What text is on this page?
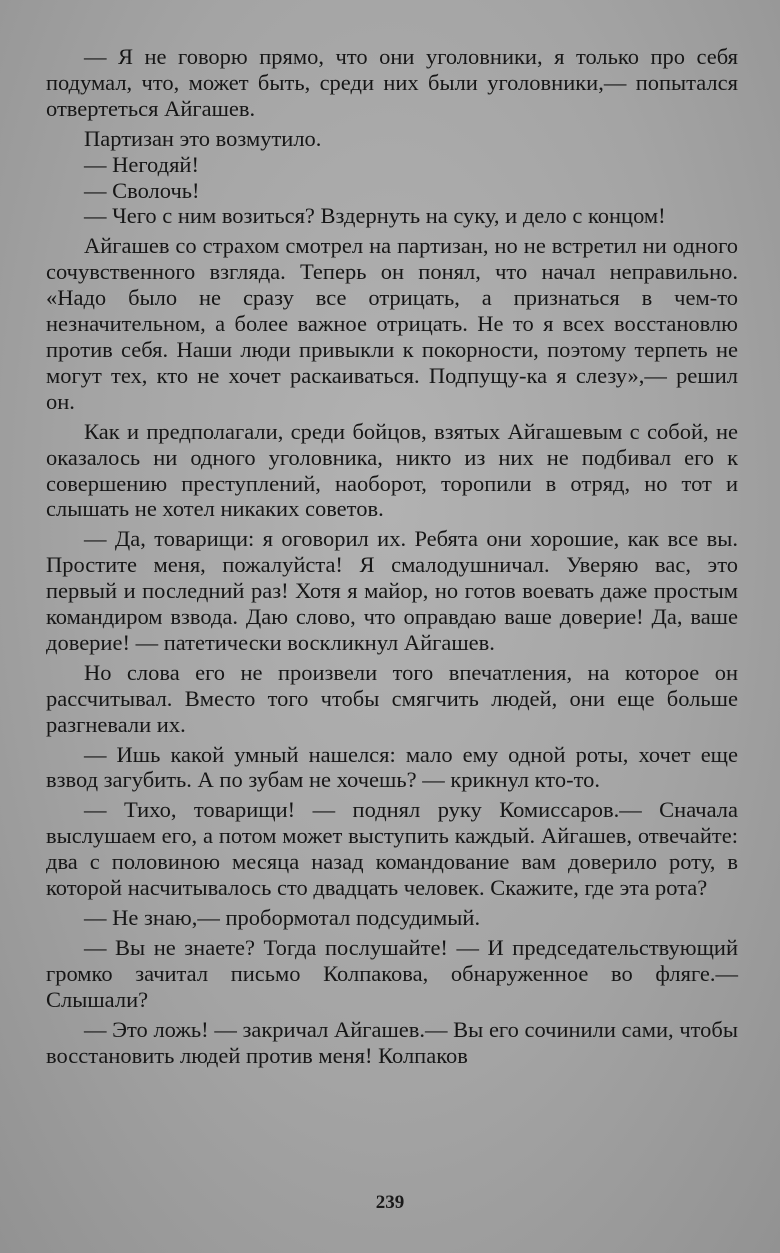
— Я не говорю прямо, что они уголовники, я только про себя подумал, что, может быть, среди них были уголовники,— попытался отвертеться Айгашев.

Партизан это возмутило.

— Негодяй!

— Сволочь!

— Чего с ним возиться? Вздернуть на суку, и дело с концом!

Айгашев со страхом смотрел на партизан, но не встретил ни одного сочувственного взгляда. Теперь он понял, что начал неправильно. «Надо было не сразу все отрицать, а признаться в чем-то незначительном, а более важное отрицать. Не то я всех восстановлю против себя. Наши люди привыкли к покорности, поэтому терпеть не могут тех, кто не хочет раскаиваться. Подпущу-ка я слезу»,— решил он.

Как и предполагали, среди бойцов, взятых Айгашевым с собой, не оказалось ни одного уголовника, никто из них не подбивал его к совершению преступлений, наоборот, торопили в отряд, но тот и слышать не хотел никаких советов.

— Да, товарищи: я оговорил их. Ребята они хорошие, как все вы. Простите меня, пожалуйста! Я смалодушничал. Уверяю вас, это первый и последний раз! Хотя я майор, но готов воевать даже простым командиром взвода. Даю слово, что оправдаю ваше доверие! Да, ваше доверие! — патетически воскликнул Айгашев.

Но слова его не произвели того впечатления, на которое он рассчитывал. Вместо того чтобы смягчить людей, они еще больше разгневали их.

— Ишь какой умный нашелся: мало ему одной роты, хочет еще взвод загубить. А по зубам не хочешь? — крикнул кто-то.

— Тихо, товарищи! — поднял руку Комиссаров.— Сначала выслушаем его, а потом может выступить каждый. Айгашев, отвечайте: два с половиною месяца назад командование вам доверило роту, в которой насчитывалось сто двадцать человек. Скажите, где эта рота?

— Не знаю,— пробормотал подсудимый.

— Вы не знаете? Тогда послушайте! — И председательствующий громко зачитал письмо Колпакова, обнаруженное во фляге.— Слышали?

— Это ложь! — закричал Айгашев.— Вы его сочинили сами, чтобы восстановить людей против меня! Колпаков

239
